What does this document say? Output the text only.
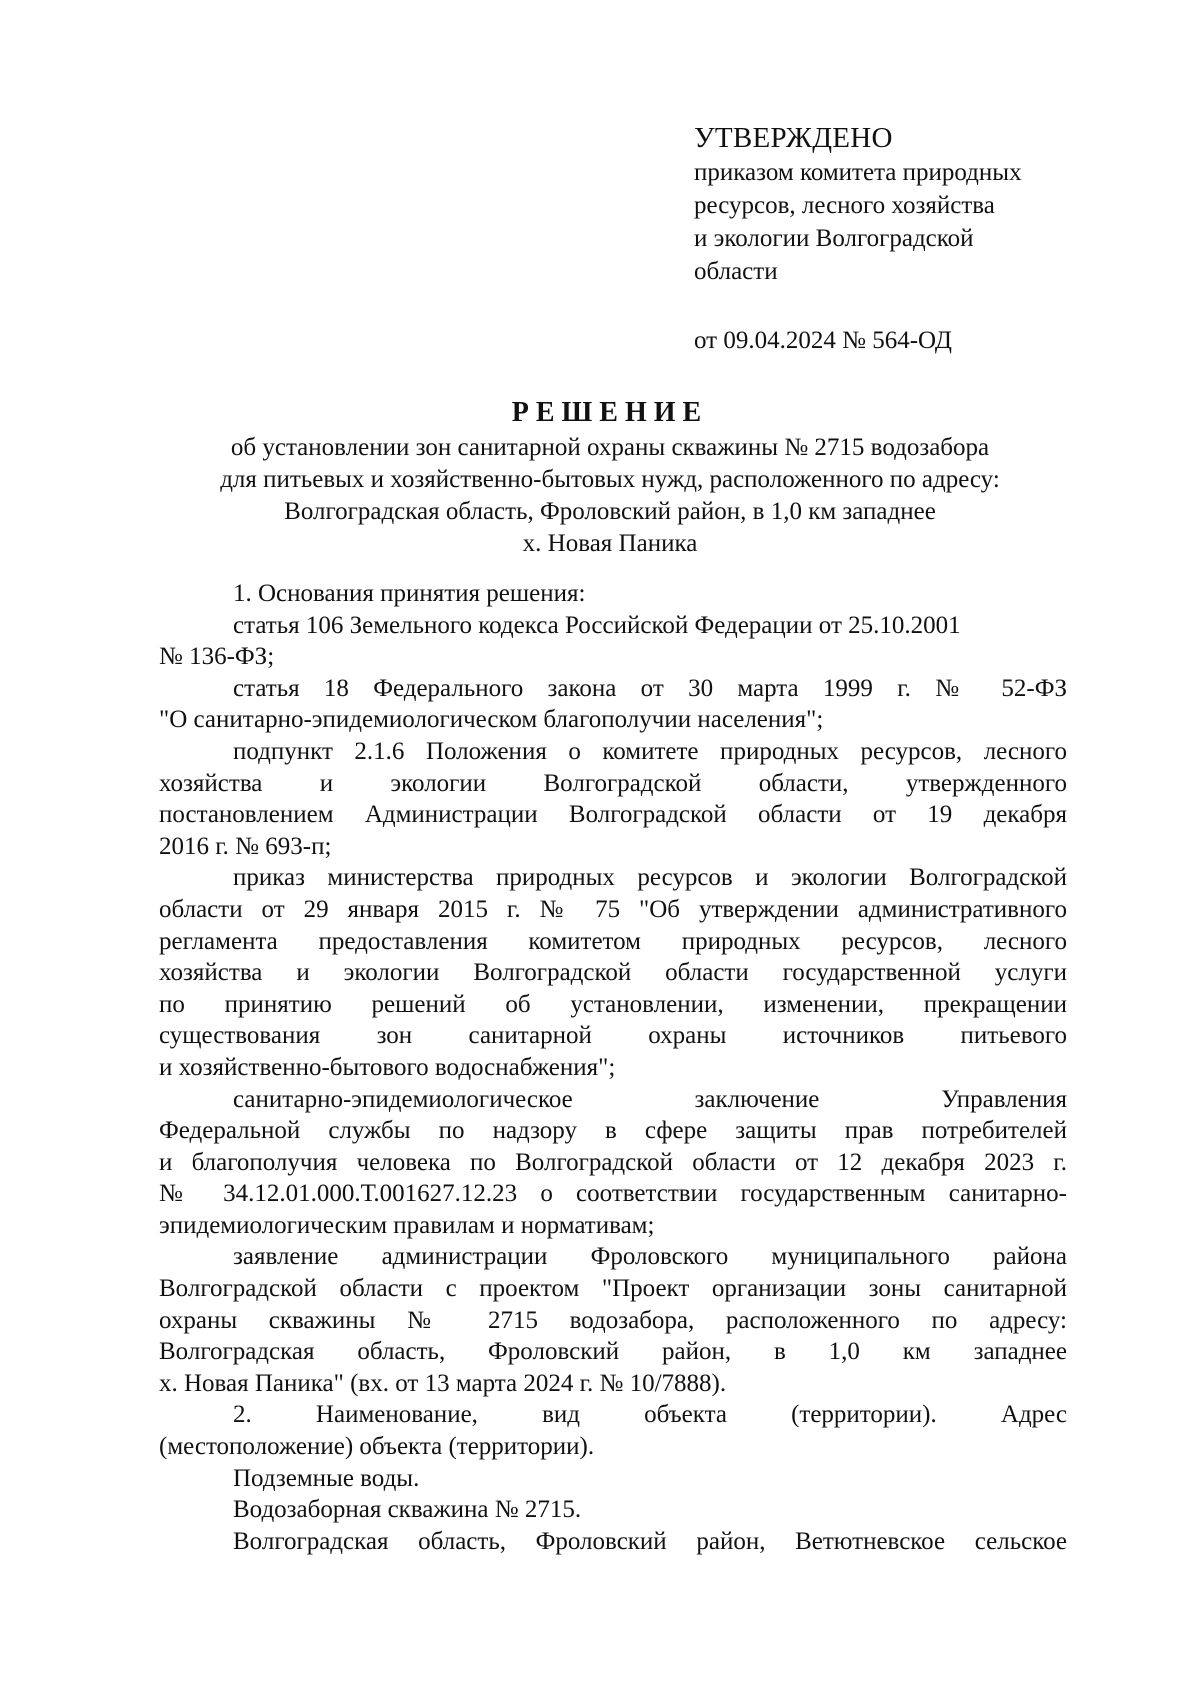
УТВЕРЖДЕНО
приказом комитета природных
ресурсов, лесного хозяйства
и экологии Волгоградской
области
от 09.04.2024 № 564-ОД
РЕШЕНИЕ
об установлении зон санитарной охраны скважины № 2715 водозабора
для питьевых и хозяйственно-бытовых нужд, расположенного по адресу:
Волгоградская область, Фроловский район, в 1,0 км западнее
х. Новая Паника
1. Основания принятия решения:
статья 106 Земельного кодекса Российской Федерации от 25.10.2001
№ 136-ФЗ;
статья 18 Федерального закона от 30 марта 1999 г. № 52-ФЗ
"О санитарно-эпидемиологическом благополучии населения";
подпункт 2.1.6 Положения о комитете природных ресурсов, лесного
хозяйства и экологии Волгоградской области, утвержденного
постановлением Администрации Волгоградской области от 19 декабря
2016 г. № 693-п;
приказ министерства природных ресурсов и экологии Волгоградской
области от 29 января 2015 г. № 75 "Об утверждении административного
регламента предоставления комитетом природных ресурсов, лесного
хозяйства и экологии Волгоградской области государственной услуги
по принятию решений об установлении, изменении, прекращении
существования зон санитарной охраны источников питьевого
и хозяйственно-бытового водоснабжения";
санитарно-эпидемиологическое заключение Управления
Федеральной службы по надзору в сфере защиты прав потребителей
и благополучия человека по Волгоградской области от 12 декабря 2023 г.
№ 34.12.01.000.Т.001627.12.23 о соответствии государственным санитарно-
эпидемиологическим правилам и нормативам;
заявление администрации Фроловского муниципального района
Волгоградской области с проектом "Проект организации зоны санитарной
охраны скважины № 2715 водозабора, расположенного по адресу:
Волгоградская область, Фроловский район, в 1,0 км западнее
х. Новая Паника" (вх. от 13 марта 2024 г. № 10/7888).
2. Наименование, вид объекта (территории). Адрес
(местоположение) объекта (территории).
Подземные воды.
Водозаборная скважина № 2715.
Волгоградская область, Фроловский район, Ветютневское сельское
